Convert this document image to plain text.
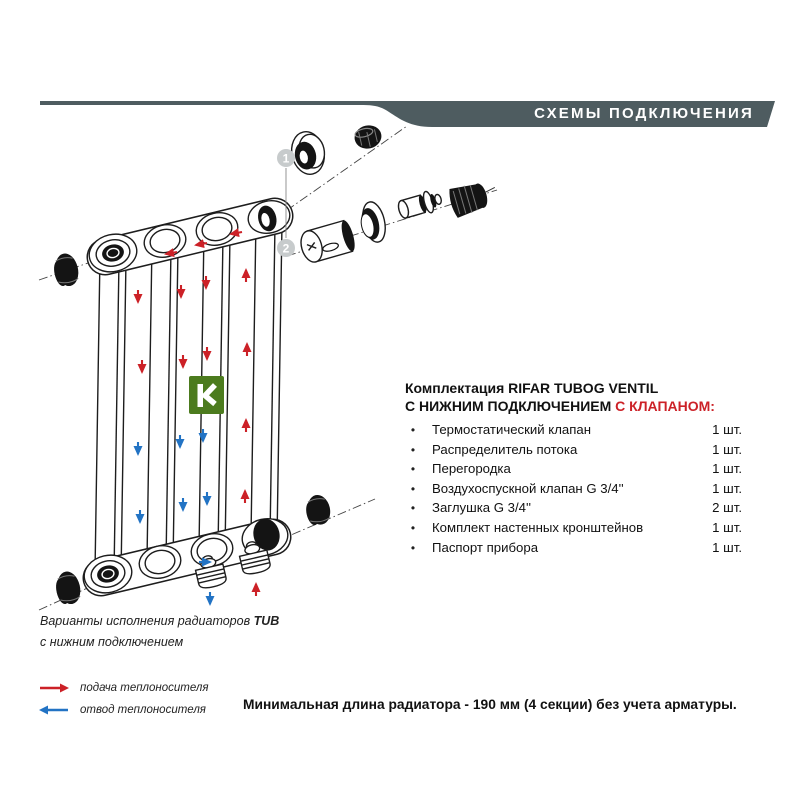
СХЕМЫ ПОДКЛЮЧЕНИЯ
1
2
Комплектация RIFAR TUBOG VENTIL
С НИЖНИМ ПОДКЛЮЧЕНИЕМ С КЛАПАНОМ:
•	Термостатический клапан	1 шт.
•	Распределитель потока	1 шт.
•	Перегородка	1 шт.
•	Воздухоспускной клапан G 3/4''	1 шт.
•	Заглушка G 3/4''	2 шт.
•	Комплект настенных кронштейнов	1 шт.
•	Паспорт прибора	1 шт.
Варианты исполнения радиаторов TUB
с нижним подключением
подача теплоносителя
отвод теплоносителя	Минимальная длина радиатора - 190 мм (4 секции) без учета арматуры.
